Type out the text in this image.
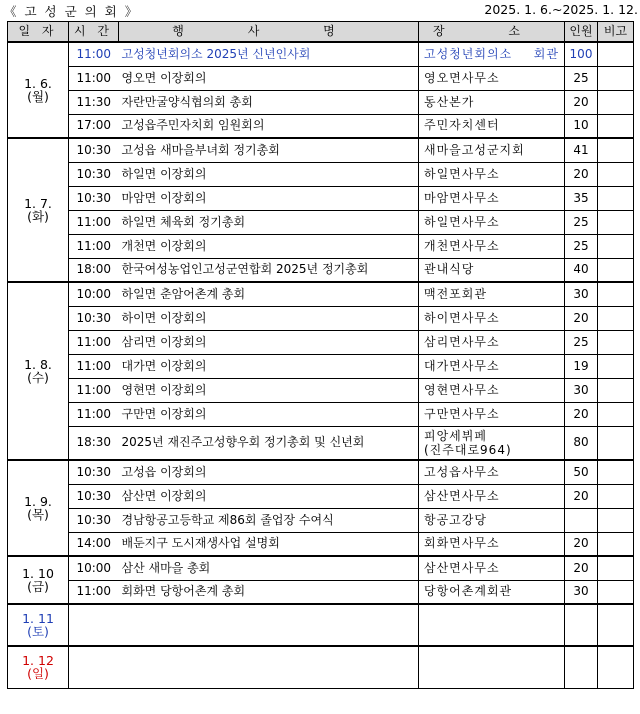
《 고 성 군 의 회 》	2025. 1. 6.~2025. 1. 12.
일 자	시 간	행 사 명	장 소	인원	비고

1. 6.
(월)	11:00	고성청년회의소 2025년 신년인사회	고성청년회의소 회관	100	
	11:00	영오면 이장회의	영오면사무소	25	
	11:30	자란만굴양식협의회 총회	동산본가	20	
	17:00	고성읍주민자치회 임원회의	주민자치센터	10	

1. 7.
(화)	10:30	고성읍 새마을부녀회 정기총회	새마을고성군지회	41	
	10:30	하일면 이장회의	하일면사무소	20	
	10:30	마암면 이장회의	마암면사무소	35	
	11:00	하일면 체육회 정기총회	하일면사무소	25	
	11:00	개천면 이장회의	개천면사무소	25	
	18:00	한국여성농업인고성군연합회 2025년 정기총회	관내식당	40	

1. 8.
(수)	10:00	하일면 춘암어촌계 총회	맥전포회관	30	
	10:30	하이면 이장회의	하이면사무소	20	
	11:00	삼리면 이장회의	삼리면사무소	25	
	11:00	대가면 이장회의	대가면사무소	19	
	11:00	영현면 이장회의	영현면사무소	30	
	11:00	구만면 이장회의	구만면사무소	20	
	18:30	2025년 재진주고성향우회 정기총회 및 신년회	피앙세뷔페
(진주대로964)	80	

1. 9.
(목)	10:30	고성읍 이장회의	고성읍사무소	50	
	10:30	삼산면 이장회의	삼산면사무소	20	
	10:30	경남항공고등학교 제86회 졸업장 수여식	항공고강당		
	14:00	배둔지구 도시재생사업 설명회	회화면사무소	20	

1. 10
(금)	10:00	삼산 새마을 총회	삼산면사무소	20	
	11:00	회화면 당항어촌계 총회	당항어촌계회관	30	

1. 11
(토)					

1. 12
(일)					
